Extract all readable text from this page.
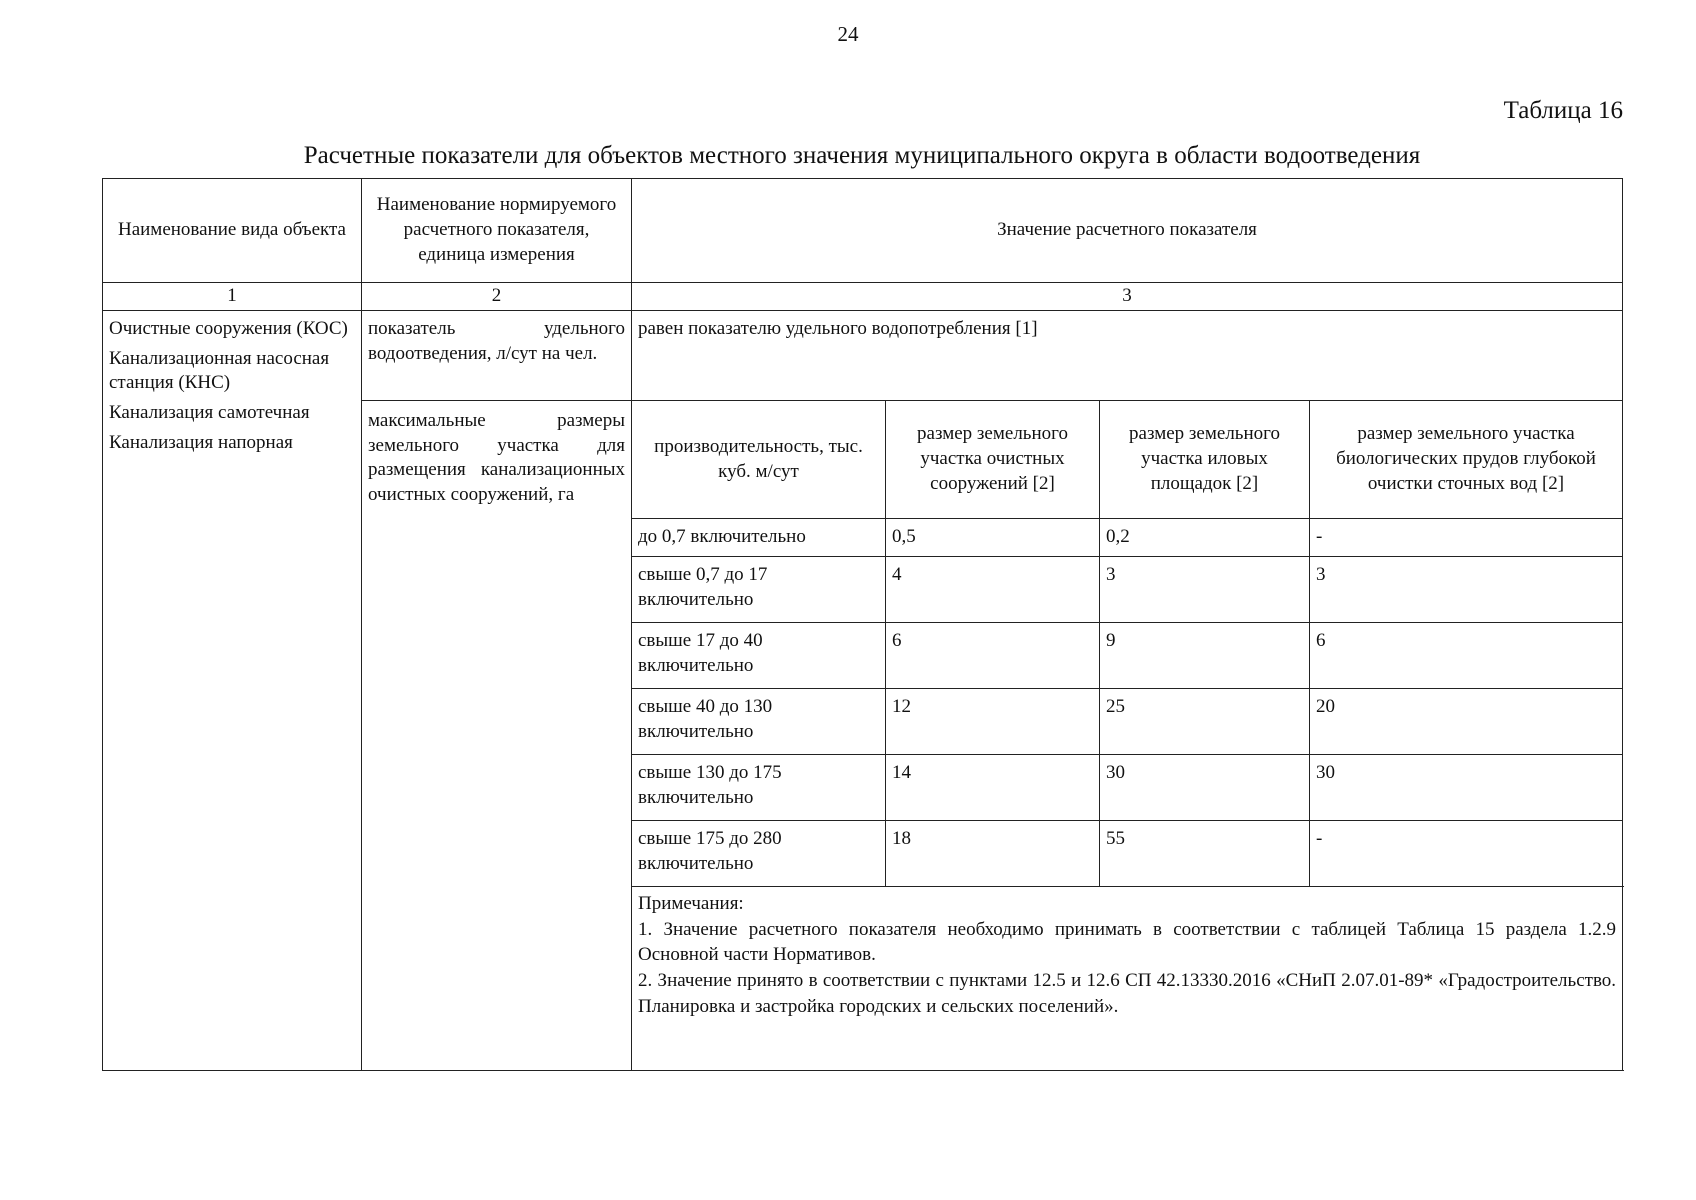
24
Таблица 16
Расчетные показатели для объектов местного значения муниципального округа в области водоотведения
Наименование вида объекта	Наименование нормируемого расчетного показателя, единица измерения	Значение расчетного показателя			
1	2	3			

Очистные сооружения (КОС)
Канализационная насосная станция (КНС)
Канализация самотечная
Канализация напорная	показатель удельного водоотведения, л/сут на чел.	равен показателю удельного водопотребления [1]			
	максимальные размеры земельного участка для размещения канализационных очистных сооружений, га	производительность, тыс. куб. м/сут	размер земельного участка очистных сооружений [2]	размер земельного участка иловых площадок [2]	размер земельного участка биологических прудов глубокой очистки сточных вод [2]
		до 0,7 включительно	0,5	0,2	-
		свыше 0,7 до 17 включительно	4	3	3
		свыше 17 до 40 включительно	6	9	6
		свыше 40 до 130 включительно	12	25	20
		свыше 130 до 175 включительно	14	30	30
		свыше 175 до 280 включительно	18	55	-

		Примечания:
1. Значение расчетного показателя необходимо принимать в соответствии с таблицей Таблица 15 раздела 1.2.9 Основной части Нормативов.
2. Значение принято в соответствии с пунктами 12.5 и 12.6 СП 42.13330.2016 «СНиП 2.07.01-89* «Градостроительство. Планировка и застройка городских и сельских поселений».			
